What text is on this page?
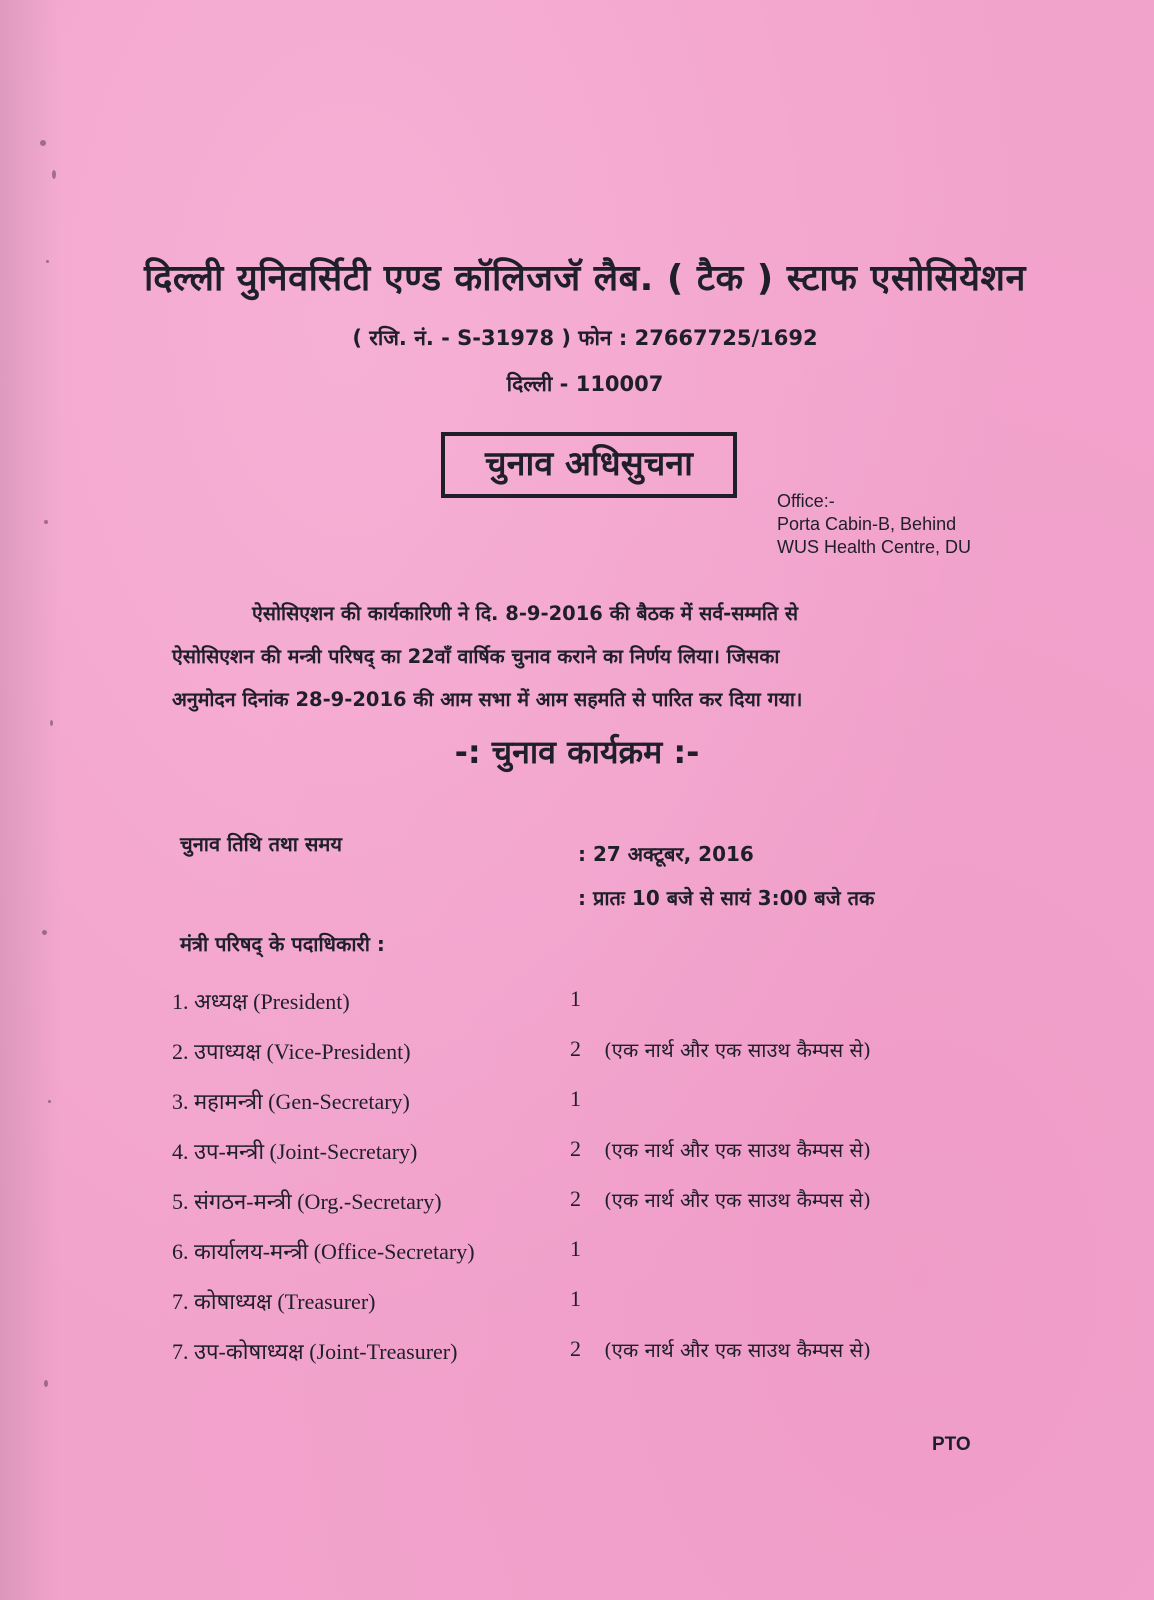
दिल्ली युनिवर्सिटी एण्ड कॉलिजजॅ लैब. ( टैक ) स्टाफ एसोसियेशन
( रजि. नं. - S-31978 ) फोन : 27667725/1692
दिल्ली - 110007
चुनाव अधिसुचना
Office:-
Porta Cabin-B, Behind
WUS Health Centre, DU
ऐसोसिएशन की कार्यकारिणी ने दि. 8-9-2016 की बैठक में सर्व-सम्मति से
ऐसोसिएशन की मन्त्री परिषद् का 22वाँ वार्षिक चुनाव कराने का निर्णय लिया। जिसका
अनुमोदन दिनांक 28-9-2016 की आम सभा में आम सहमति से पारित कर दिया गया।
-: चुनाव कार्यक्रम :-
चुनाव तिथि तथा समय	: 27 अक्टूबर, 2016
: प्रातः 10 बजे से सायं 3:00 बजे तक
मंत्री परिषद् के पदाधिकारी :
1. अध्यक्ष (President)	1
2. उपाध्यक्ष (Vice-President)	2 (एक नार्थ और एक साउथ कैम्पस से)
3. महामन्त्री (Gen-Secretary)	1
4. उप-मन्त्री (Joint-Secretary)	2 (एक नार्थ और एक साउथ कैम्पस से)
5. संगठन-मन्त्री (Org.-Secretary)	2 (एक नार्थ और एक साउथ कैम्पस से)
6. कार्यालय-मन्त्री (Office-Secretary)	1
7. कोषाध्यक्ष (Treasurer)	1
7. उप-कोषाध्यक्ष (Joint-Treasurer)	2 (एक नार्थ और एक साउथ कैम्पस से)
PTO
